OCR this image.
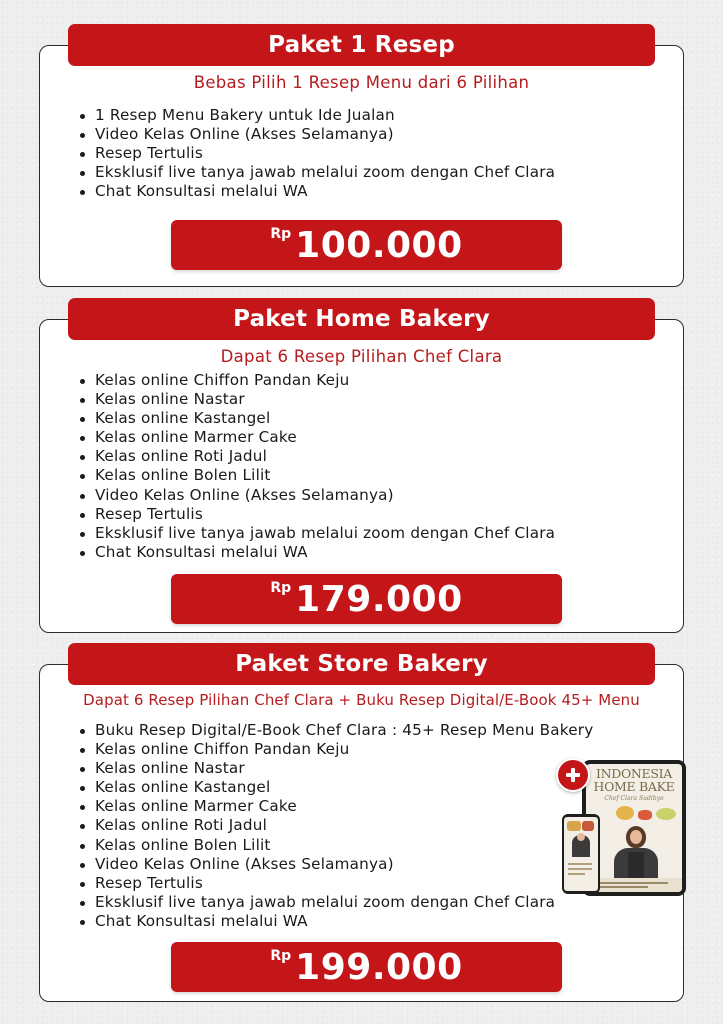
Paket 1 Resep
Bebas Pilih 1 Resep Menu dari 6 Pilihan
1 Resep Menu Bakery untuk Ide Jualan
Video Kelas Online (Akses Selamanya)
Resep Tertulis
Eksklusif live tanya jawab melalui zoom dengan Chef Clara
Chat Konsultasi melalui WA
Rp 100.000
Paket Home Bakery
Dapat 6 Resep Pilihan Chef Clara
Kelas online Chiffon Pandan Keju
Kelas online Nastar
Kelas online Kastangel
Kelas online Marmer Cake
Kelas online Roti Jadul
Kelas online Bolen Lilit
Video Kelas Online (Akses Selamanya)
Resep Tertulis
Eksklusif live tanya jawab melalui zoom dengan Chef Clara
Chat Konsultasi melalui WA
Rp 179.000
Paket Store Bakery
Dapat 6 Resep Pilihan Chef Clara + Buku Resep Digital/E-Book 45+ Menu
Buku Resep Digital/E-Book Chef Clara : 45+ Resep Menu Bakery
Kelas online Chiffon Pandan Keju
Kelas online Nastar
Kelas online Kastangel
Kelas online Marmer Cake
Kelas online Roti Jadul
Kelas online Bolen Lilit
Video Kelas Online (Akses Selamanya)
Resep Tertulis
Eksklusif live tanya jawab melalui zoom dengan Chef Clara
Chat Konsultasi melalui WA
INDONESIA
HOME BAKE
Chef Clara Sudibyo
Rp 199.000
